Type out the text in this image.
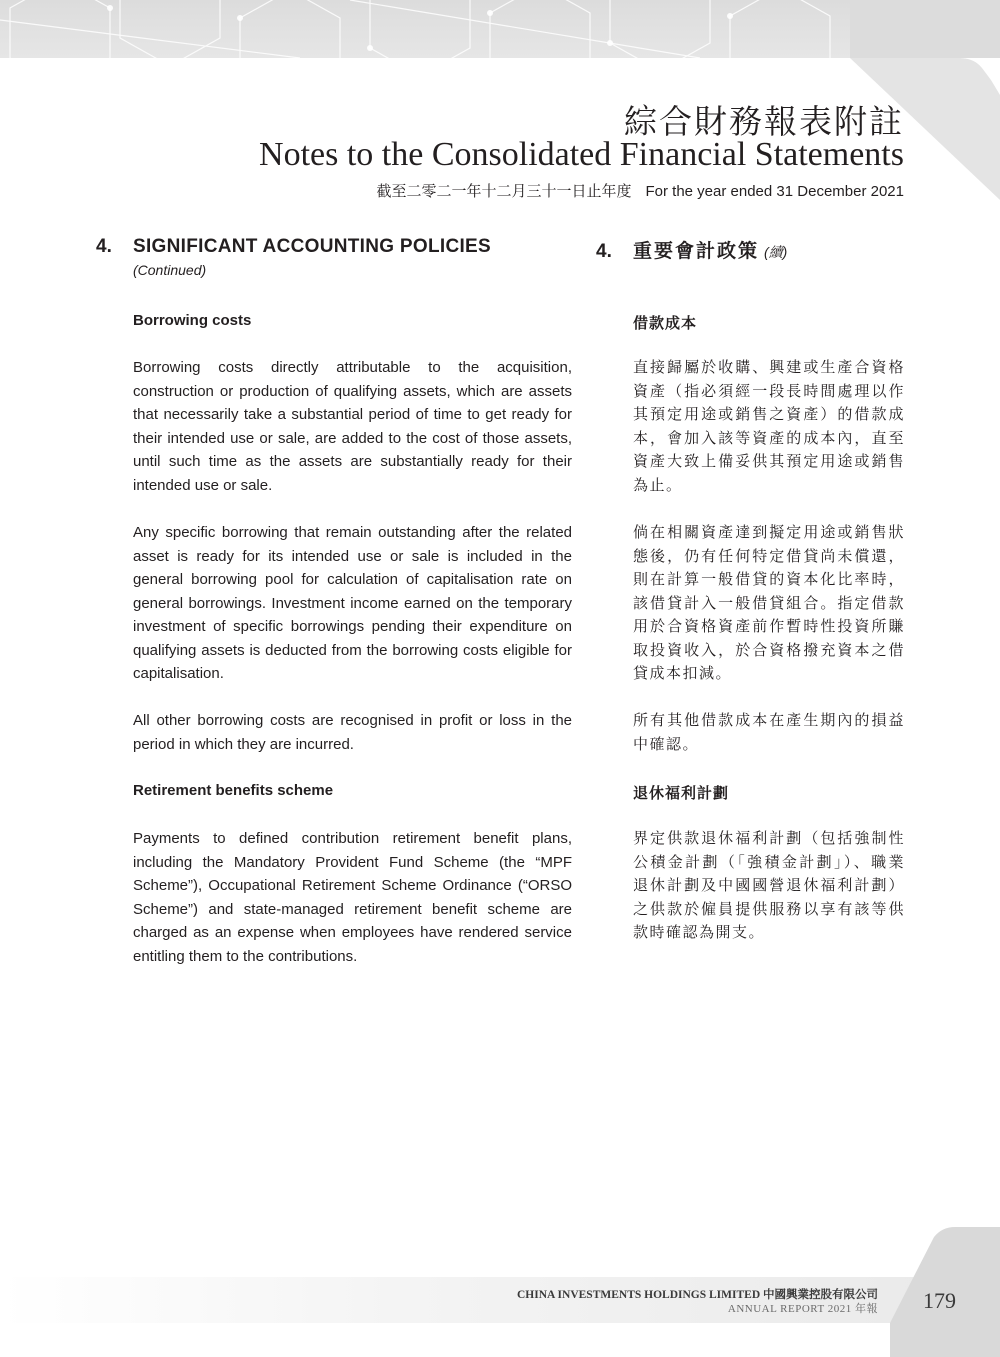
綜合財務報表附註
Notes to the Consolidated Financial Statements
截至二零二一年十二月三十一日止年度 For the year ended 31 December 2021
4.	SIGNIFICANT ACCOUNTING POLICIES
(Continued)

Borrowing costs

Borrowing costs directly attributable to the acquisition, construction or production of qualifying assets, which are assets that necessarily take a substantial period of time to get ready for their intended use or sale, are added to the cost of those assets, until such time as the assets are substantially ready for their intended use or sale.

Any specific borrowing that remain outstanding after the related asset is ready for its intended use or sale is included in the general borrowing pool for calculation of capitalisation rate on general borrowings. Investment income earned on the temporary investment of specific borrowings pending their expenditure on qualifying assets is deducted from the borrowing costs eligible for capitalisation.

All other borrowing costs are recognised in profit or loss in the period in which they are incurred.

Retirement benefits scheme

Payments to defined contribution retirement benefit plans, including the Mandatory Provident Fund Scheme (the “MPF Scheme”), Occupational Retirement Scheme Ordinance (“ORSO Scheme”) and state-managed retirement benefit scheme are charged as an expense when employees have rendered service entitling them to the contributions.

4.	重要會計政策 (續)

借款成本

直接歸屬於收購、興建或生產合資格資產（指必須經一段長時間處理以作其預定用途或銷售之資產）的借款成本，會加入該等資產的成本內，直至資產大致上備妥供其預定用途或銷售為止。

倘在相關資產達到擬定用途或銷售狀態後，仍有任何特定借貸尚未償還，則在計算一般借貸的資本化比率時，該借貸計入一般借貸組合。指定借款用於合資格資產前作暫時性投資所賺取投資收入，於合資格撥充資本之借貸成本扣減。

所有其他借款成本在產生期內的損益中確認。

退休福利計劃

界定供款退休福利計劃（包括強制性公積金計劃（「強積金計劃」）、職業退休計劃及中國國營退休福利計劃）之供款於僱員提供服務以享有該等供款時確認為開支。

CHINA INVESTMENTS HOLDINGS LIMITED 中國興業控股有限公司
ANNUAL REPORT 2021 年報 179
